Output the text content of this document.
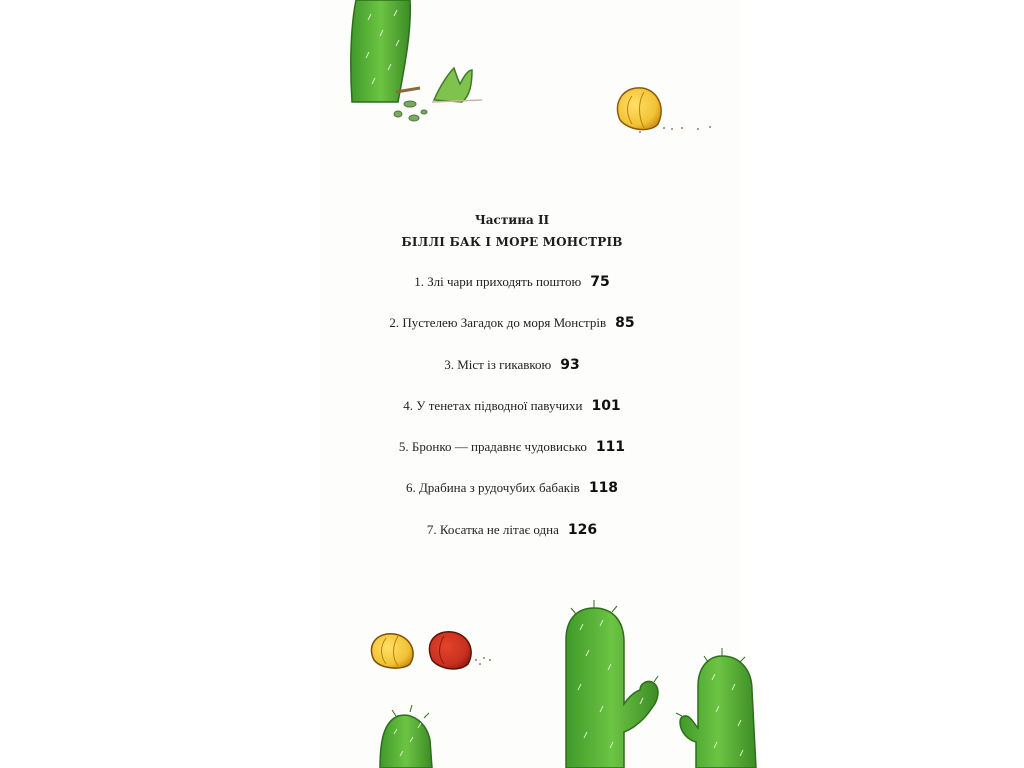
Частина ІІ
БІЛЛІ БАК І МОРЕ МОНСТРІВ
1. Злі чари приходять поштою 75
2. Пустелею Загадок до моря Монстрів 85
3. Міст із гикавкою 93
4. У тенетах підводної павучихи 101
5. Бронко — прадавнє чудовисько 111
6. Драбина з рудочубих бабаків 118
7. Косатка не літає одна 126
